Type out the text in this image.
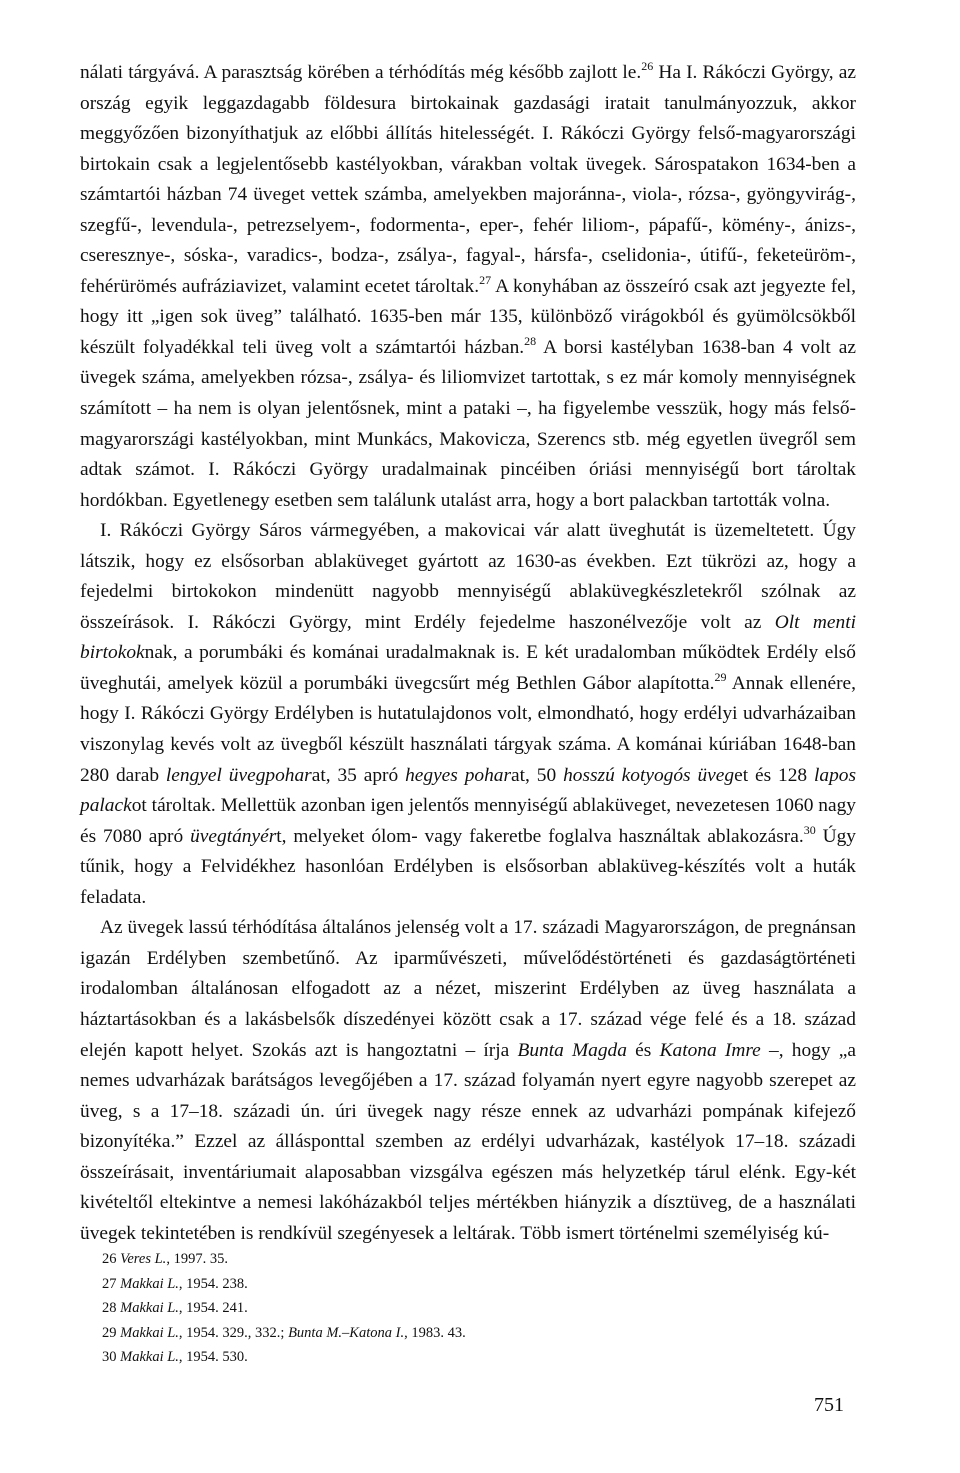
nálati tárgyává. A parasztság körében a térhódítás még később zajlott le.$^{26}$ Ha I. Rákóczi György, az ország egyik leggazdagabb földesura birtokainak gazdasági iratait tanulmányozzuk, akkor meggyőzően bizonyíthatjuk az előbbi állítás hitelességét. I. Rákóczi György felső-magyarországi birtokain csak a legjelentősebb kastélyokban, várakban voltak üvegek. Sárospatakon 1634-ben a számtartói házban 74 üveget vettek számba, amelyekben majoránna-, viola-, rózsa-, gyöngyvirág-, szegfű-, levendula-, petrezselyem-, fodormenta-, eper-, fehér liliom-, pápafű-, kömény-, ánizs-, cseresznye-, sóska-, varadics-, bodza-, zsálya-, fagyal-, hársfa-, cselidonia-, útifű-, feketeüröm-, fehérürömés aufráziavizet, valamint ecetet tároltak.$^{27}$ A konyhában az összeíró csak azt jegyezte fel, hogy itt „igen sok üveg” található. 1635-ben már 135, különböző virágokból és gyümölcsökből készült folyadékkal teli üveg volt a számtartói házban.$^{28}$ A borsi kastélyban 1638-ban 4 volt az üvegek száma, amelyekben rózsa-, zsálya- és liliomvizet tartottak, s ez már komoly mennyiségnek számított – ha nem is olyan jelentősnek, mint a pataki –, ha figyelembe vesszük, hogy más felső-magyarországi kastélyokban, mint Munkács, Makovicza, Szerencs stb. még egyetlen üvegről sem adtak számot. I. Rákóczi György uradalmainak pincéiben óriási mennyiségű bort tároltak hordókban. Egyetlenegy esetben sem találunk utalást arra, hogy a bort palackban tartották volna.

I. Rákóczi György Sáros vármegyében, a makovicai vár alatt üveghutát is üzemeltetett. Úgy látszik, hogy ez elsősorban ablaküveget gyártott az 1630-as években. Ezt tükrözi az, hogy a fejedelmi birtokokon mindenütt nagyobb mennyiségű ablaküvegkészletekről szólnak az összeírások. I. Rákóczi György, mint Erdély fejedelme haszonélvezője volt az Olt menti birtokoknak, a porumbáki és kománai uradalmaknak is. E két uradalomban működtek Erdély első üveghutái, amelyek közül a porumbáki üvegcsűrt még Bethlen Gábor alapította.$^{29}$ Annak ellenére, hogy I. Rákóczi György Erdélyben is hutatulajdonos volt, elmondható, hogy erdélyi udvarházaiban viszonylag kevés volt az üvegből készült használati tárgyak száma. A kománai kúriában 1648-ban 280 darab lengyel üvegpoharat, 35 apró hegyes poharat, 50 hosszú kotyogós üveget és 128 lapos palackot tároltak. Mellettük azonban igen jelentős mennyiségű ablaküveget, nevezetesen 1060 nagy és 7080 apró üvegtányért, melyeket ólom- vagy fakeretbe foglalva használtak ablakozásra.$^{30}$ Úgy tűnik, hogy a Felvidékhez hasonlóan Erdélyben is elsősorban ablaküveg-készítés volt a huták feladata.

Az üvegek lassú térhódítása általános jelenség volt a 17. századi Magyarországon, de pregnánsan igazán Erdélyben szembetűnő. Az iparművészeti, művelődéstörténeti és gazdaságtörténeti irodalomban általánosan elfogadott az a nézet, miszerint Erdélyben az üveg használata a háztartásokban és a lakásbelsők díszedényei között csak a 17. század vége felé és a 18. század elején kapott helyet. Szokás azt is hangoztatni – írja Bunta Magda és Katona Imre –, hogy „a nemes udvarházak barátságos levegőjében a 17. század folyamán nyert egyre nagyobb szerepet az üveg, s a 17–18. századi ún. úri üvegek nagy része ennek az udvarházi pompának kifejező bizonyítéka.” Ezzel az állásponttal szemben az erdélyi udvarházak, kastélyok 17–18. századi összeírásait, inventáriumait alaposabban vizsgálva egészen más helyzetkép tárul elénk. Egy-két kivételtől eltekintve a nemesi lakóházakból teljes mértékben hiányzik a dísztüveg, de a használati üvegek tekintetében is rendkívül szegényesek a leltárak. Több ismert történelmi személyiség kú-

26 Veres L., 1997. 35.
27 Makkai L., 1954. 238.
28 Makkai L., 1954. 241.
29 Makkai L., 1954. 329., 332.; Bunta M.–Katona I., 1983. 43.
30 Makkai L., 1954. 530.
751
